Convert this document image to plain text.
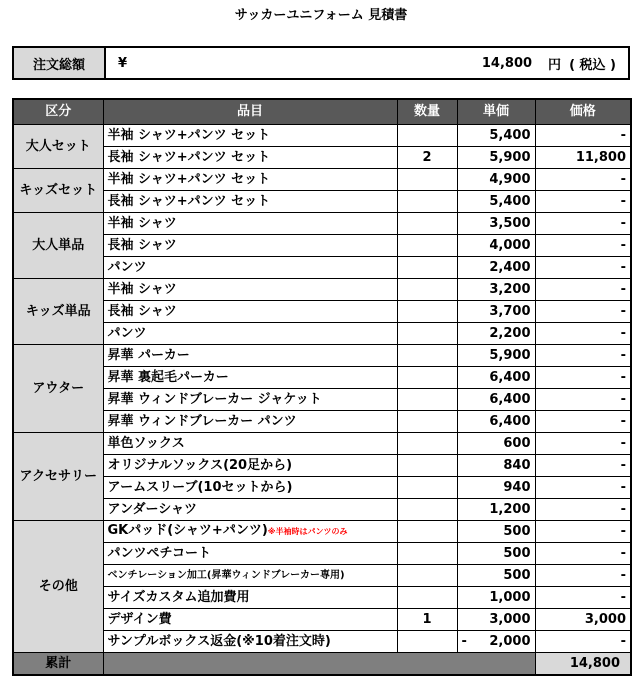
サッカーユニフォーム 見積書
注文総額	¥	14,800 円 ( 税込 )
区分	品目	数量	単価	価格
大人セット	半袖 シャツ+パンツ セット		5,400	-
	長袖 シャツ+パンツ セット	2	5,900	11,800
キッズセット	半袖 シャツ+パンツ セット		4,900	-
	長袖 シャツ+パンツ セット		5,400	-
大人単品	半袖 シャツ		3,500	-
	長袖 シャツ		4,000	-
	パンツ		2,400	-
キッズ単品	半袖 シャツ		3,200	-
	長袖 シャツ		3,700	-
	パンツ		2,200	-
アウター	昇華 パーカー		5,900	-
	昇華 裏起毛パーカー		6,400	-
	昇華 ウィンドブレーカー ジャケット		6,400	-
	昇華 ウィンドブレーカー パンツ		6,400	-
アクセサリー	単色ソックス		600	-
	オリジナルソックス(20足から)		840	-
	アームスリーブ(10セットから)		940	-
	アンダーシャツ		1,200	-
その他	GKパッド(シャツ+パンツ)※半袖時はパンツのみ		500	-
	パンツペチコート		500	-
	ベンチレーション加工(昇華ウィンドブレーカー専用)		500	-
	サイズカスタム追加費用		1,000	-
	デザイン費	1	3,000	3,000
	サンプルボックス返金(※10着注文時)		- 2,000	-
累計				14,800
